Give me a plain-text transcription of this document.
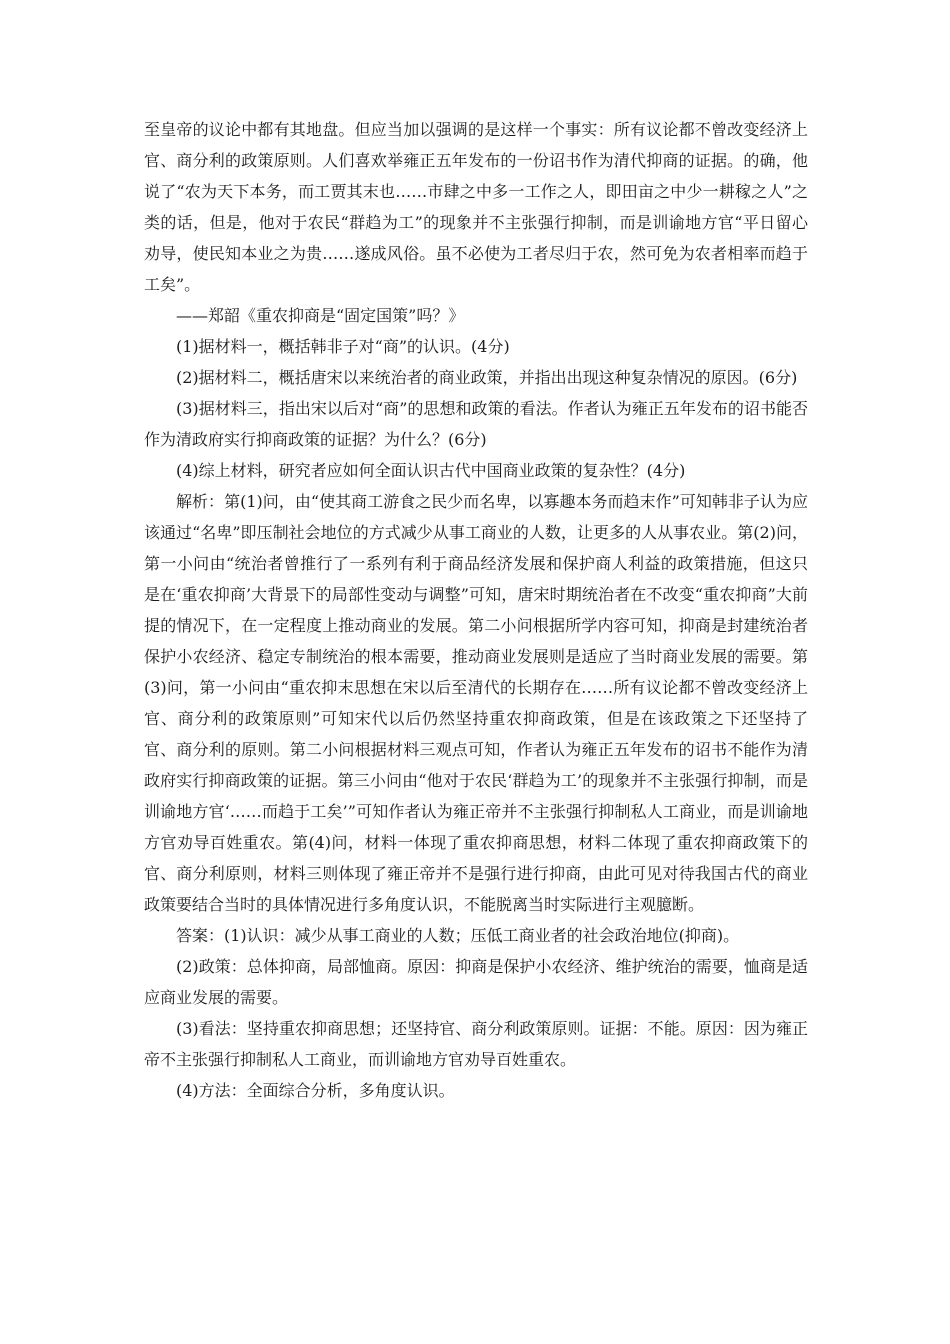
至皇帝的议论中都有其地盘。但应当加以强调的是这样一个事实：所有议论都不曾改变经济上官、商分利的政策原则。人们喜欢举雍正五年发布的一份诏书作为清代抑商的证据。的确，他说了“农为天下本务，而工贾其末也……市肆之中多一工作之人，即田亩之中少一耕稼之人”之类的话，但是，他对于农民“群趋为工”的现象并不主张强行抑制，而是训谕地方官“平日留心劝导，使民知本业之为贵……遂成风俗。虽不必使为工者尽归于农，然可免为农者相率而趋于工矣”。

——郑韶《重农抑商是“固定国策”吗？》

(1)据材料一，概括韩非子对“商”的认识。(4分)

(2)据材料二，概括唐宋以来统治者的商业政策，并指出出现这种复杂情况的原因。(6分)

(3)据材料三，指出宋以后对“商”的思想和政策的看法。作者认为雍正五年发布的诏书能否作为清政府实行抑商政策的证据？为什么？(6分)

(4)综上材料，研究者应如何全面认识古代中国商业政策的复杂性？(4分)

解析：第(1)问，由“使其商工游食之民少而名卑，以寡趣本务而趋末作”可知韩非子认为应该通过“名卑”即压制社会地位的方式减少从事工商业的人数，让更多的人从事农业。第(2)问，第一小问由“统治者曾推行了一系列有利于商品经济发展和保护商人利益的政策措施，但这只是在‘重农抑商’大背景下的局部性变动与调整”可知，唐宋时期统治者在不改变“重农抑商”大前提的情况下，在一定程度上推动商业的发展。第二小问根据所学内容可知，抑商是封建统治者保护小农经济、稳定专制统治的根本需要，推动商业发展则是适应了当时商业发展的需要。第(3)问，第一小问由“重农抑末思想在宋以后至清代的长期存在……所有议论都不曾改变经济上官、商分利的政策原则”可知宋代以后仍然坚持重农抑商政策，但是在该政策之下还坚持了官、商分利的原则。第二小问根据材料三观点可知，作者认为雍正五年发布的诏书不能作为清政府实行抑商政策的证据。第三小问由“他对于农民‘群趋为工’的现象并不主张强行抑制，而是训谕地方官‘……而趋于工矣’”可知作者认为雍正帝并不主张强行抑制私人工商业，而是训谕地方官劝导百姓重农。第(4)问，材料一体现了重农抑商思想，材料二体现了重农抑商政策下的官、商分利原则，材料三则体现了雍正帝并不是强行进行抑商，由此可见对待我国古代的商业政策要结合当时的具体情况进行多角度认识，不能脱离当时实际进行主观臆断。

答案：(1)认识：减少从事工商业的人数；压低工商业者的社会政治地位(抑商)。

(2)政策：总体抑商，局部恤商。原因：抑商是保护小农经济、维护统治的需要，恤商是适应商业发展的需要。

(3)看法：坚持重农抑商思想；还坚持官、商分利政策原则。证据：不能。原因：因为雍正帝不主张强行抑制私人工商业，而训谕地方官劝导百姓重农。

(4)方法：全面综合分析，多角度认识。
